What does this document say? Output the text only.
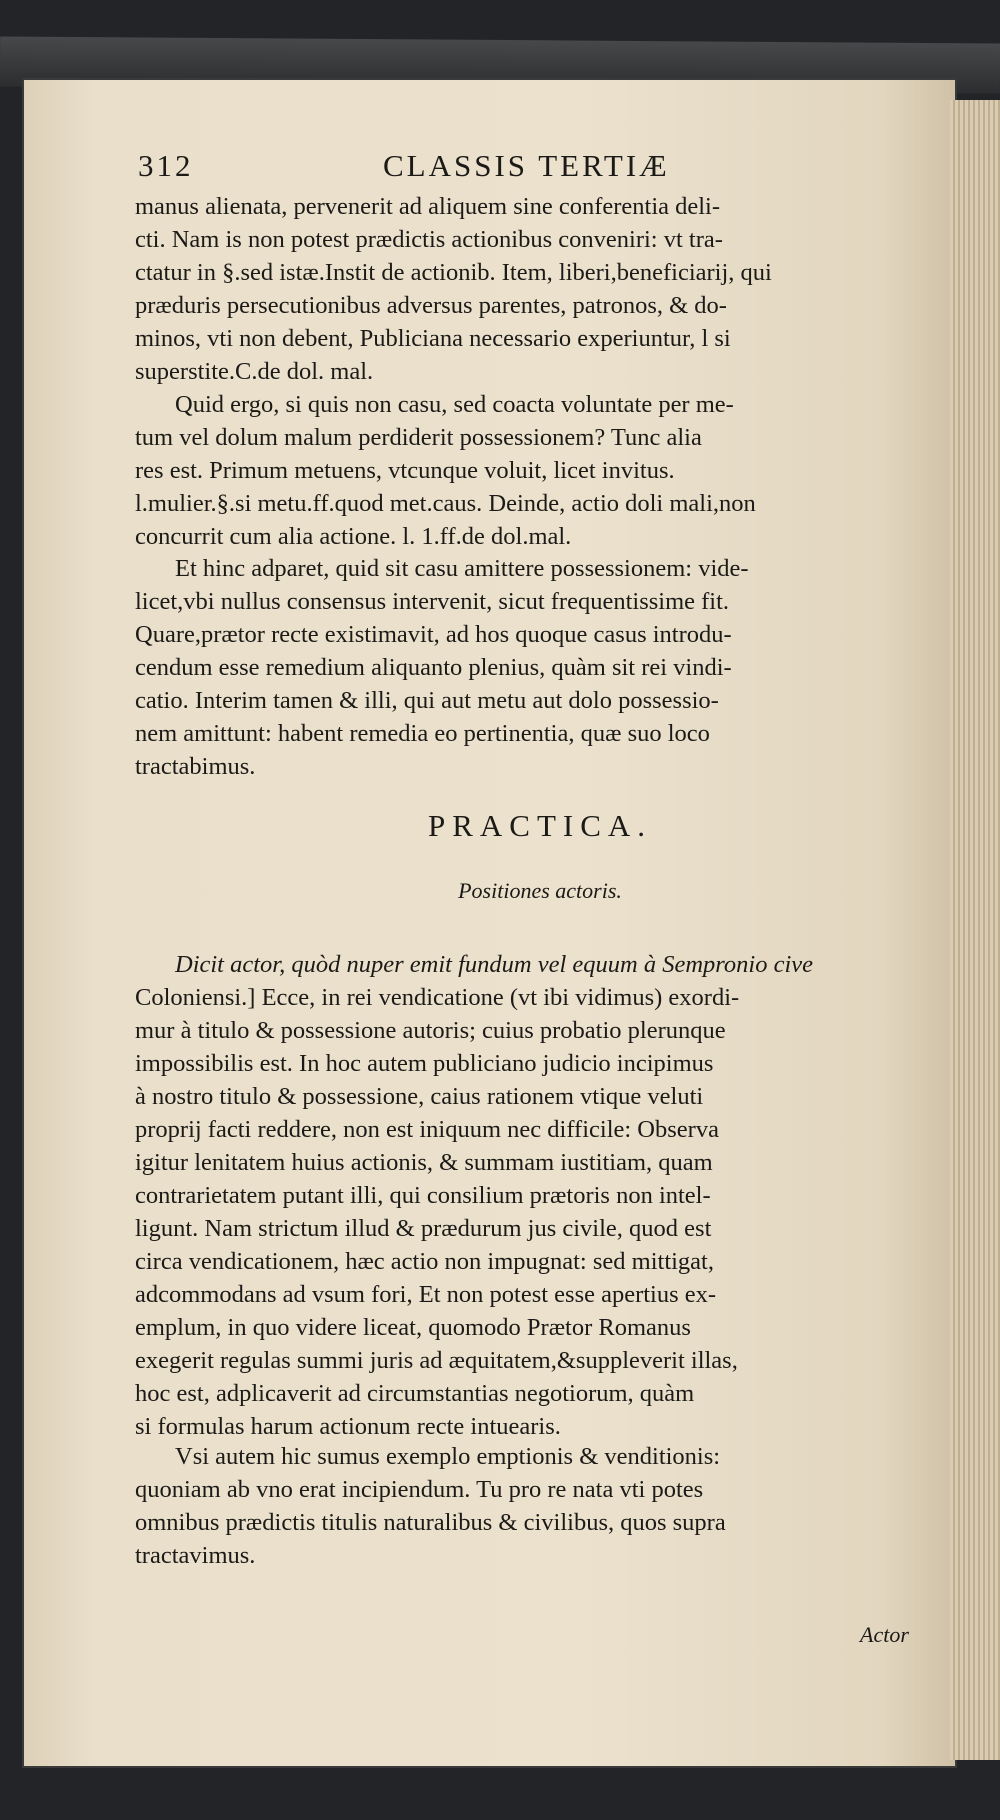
312	CLASSIS TERTIÆ
manus alienata, pervenerit ad aliquem sine conferentia deli-
cti. Nam is non potest prædictis actionibus conveniri: vt tra-
ctatur in §.sed istæ.Instit de actionib. Item, liberi,beneficiarij, qui
præduris persecutionibus adversus parentes, patronos, & do-
minos, vti non debent, Publiciana necessario experiuntur, l si
superstite.C.de dol. mal.
Quid ergo, si quis non casu, sed coacta voluntate per me-
tum vel dolum malum perdiderit possessionem? Tunc alia
res est. Primum metuens, vtcunque voluit, licet invitus.
l.mulier.§.si metu.ff.quod met.caus. Deinde, actio doli mali,non
concurrit cum alia actione. l. 1.ff.de dol.mal.
Et hinc adparet, quid sit casu amittere possessionem: vide-
licet,vbi nullus consensus intervenit, sicut frequentissime fit.
Quare,prætor recte existimavit, ad hos quoque casus introdu-
cendum esse remedium aliquanto plenius, quàm sit rei vindi-
catio. Interim tamen & illi, qui aut metu aut dolo possessio-
nem amittunt: habent remedia eo pertinentia, quæ suo loco
tractabimus.
PRACTICA.
Positiones actoris.
Dicit actor, quòd nuper emit fundum vel equum à Sempronio cive
Coloniensi.] Ecce, in rei vendicatione (vt ibi vidimus) exordi-
mur à titulo & possessione autoris; cuius probatio plerunque
impossibilis est. In hoc autem publiciano judicio incipimus
à nostro titulo & possessione, caius rationem vtique veluti
proprij facti reddere, non est iniquum nec difficile: Observa
igitur lenitatem huius actionis, & summam iustitiam, quam
contrarietatem putant illi, qui consilium prætoris non intel-
ligunt. Nam strictum illud & prædurum jus civile, quod est
circa vendicationem, hæc actio non impugnat: sed mittigat,
adcommodans ad vsum fori, Et non potest esse apertius ex-
emplum, in quo videre liceat, quomodo Prætor Romanus
exegerit regulas summi juris ad æquitatem,&suppleverit illas,
hoc est, adplicaverit ad circumstantias negotiorum, quàm
si formulas harum actionum recte intuearis.
Vsi autem hic sumus exemplo emptionis & venditionis:
quoniam ab vno erat incipiendum. Tu pro re nata vti potes
omnibus prædictis titulis naturalibus & civilibus, quos supra
tractavimus.
Actor
